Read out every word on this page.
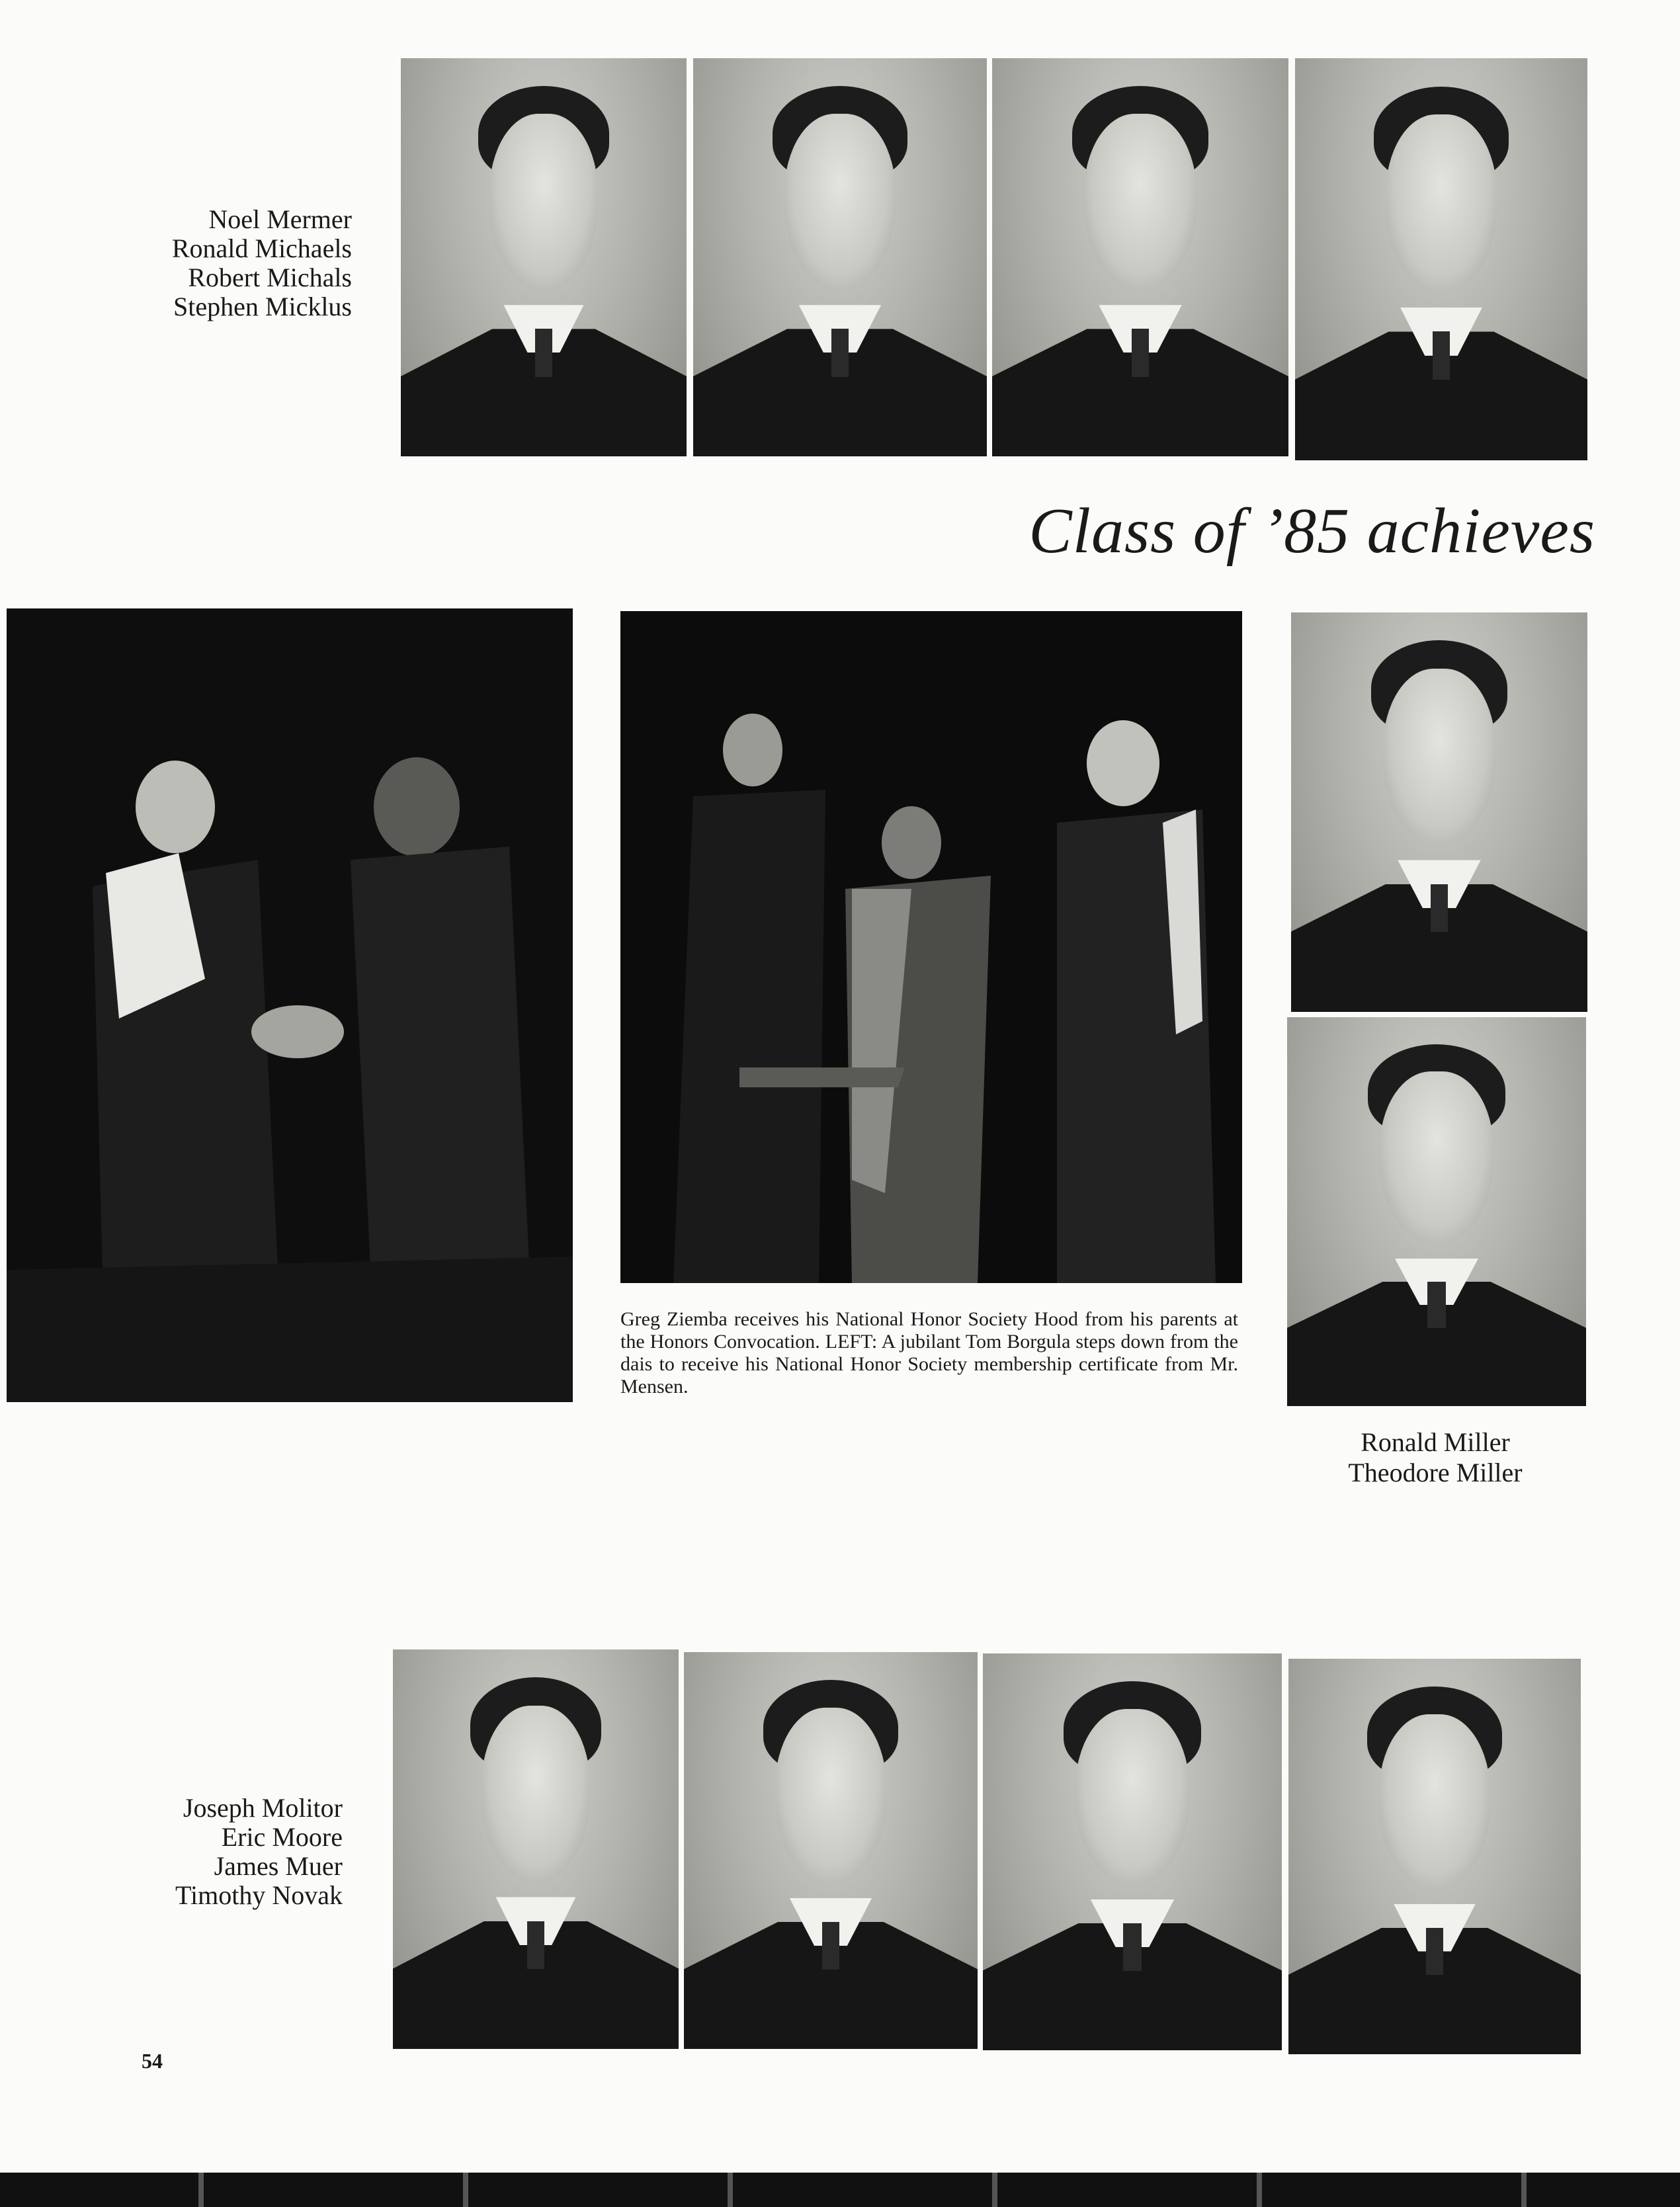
Noel Mermer
Ronald Michaels
Robert Michals
Stephen Micklus
Class of ’85 achieves
Greg Ziemba receives his National Honor Society Hood from his parents at the Honors Convocation. LEFT: A jubilant Tom Borgula steps down from the dais to receive his National Honor Society membership certificate from Mr. Mensen.
Ronald Miller
Theodore Miller
Joseph Molitor
Eric Moore
James Muer
Timothy Novak
54
